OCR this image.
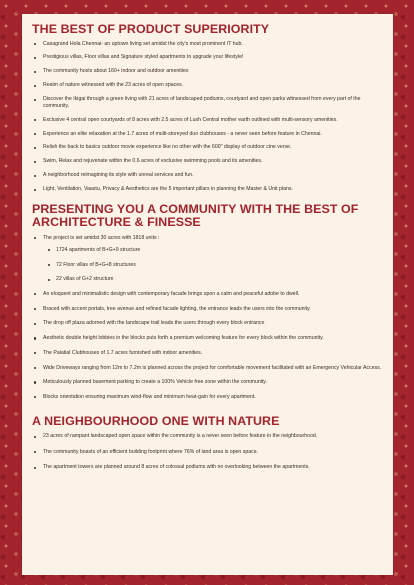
THE BEST OF PRODUCT SUPERIORITY
Casagrand Hola Chennai- an uptown living set amidst the city's most prominent IT hub.
Prestigious villas, Floor villas and Signature styled apartments to upgrade your lifestyle!
The community hosts about 160+ indoor and outdoor amenities
Realm of nature witnessed with the 23 acres of open spaces.
Discover the Ikigai through a green living with 21 acres of landscaped podiums, courtyard and open parks witnessed from every part of the community.
Exclusive 4 central open courtyards of 8 acres with 2.5 acres of Lush Central mother earth outlined with multi-sensory amenities.
Experience an elite relaxation at the 1.7 acres of multi-storeyed duo clubhouses - a never seen before feature in Chennai.
Relish the back to basics outdoor movie experience like no other with the 600" display of outdoor cine verse.
Swim, Relax and rejuvenate within the 0.6 acres of exclusive swimming pools and its amenities.
A neighborhood reimagining its style with unreal services and fun.
Light, Ventilation, Vaastu, Privacy & Aesthetics are the 5 important pillars in planning the Master & Unit plans.
PRESENTING YOU A COMMUNITY WITH THE BEST OF
ARCHITECTURE & FINESSE
The project is set amidst 30 acres with 1818 units :
1724 apartments of B+G+9 structure
72 Floor villas of B+G+8 structures
22 villas of G+2 structure
An eloquent and minimalistic design with contemporary facade brings upon a calm and peaceful adobe to dwell.
Braced with accent portals, tree avenue and refined facade lighting, the entrance leads the users into the community.
The drop off plaza adorned with the landscape trail leads the users through every block entrance
Aesthetic double height lobbies in the blocks puts forth a premium welcoming feature for every block within the community.
The Palatial Clubhouses of 1.7 acres furnished with indoor amenities.
Wide Driveways ranging from 12m to 7.2m is planned across the project for comfortable movement facilitated with an Emergency Vehicular Access.
Meticulously planned basement parking to create a 100% Vehicle free zone within the community.
Blocks orientation ensuring maximum wind-flow and minimum heat-gain for every apartment.
A NEIGHBOURHOOD ONE WITH NATURE
23 acres of rampant landscaped open space within the community is a never seen before feature in the neighbourhood.
The community boasts of an efficient building footprint where 76% of land area is open space.
The apartment towers are planned around 8 acres of colossal podiums with no overlooking between the apartments.
